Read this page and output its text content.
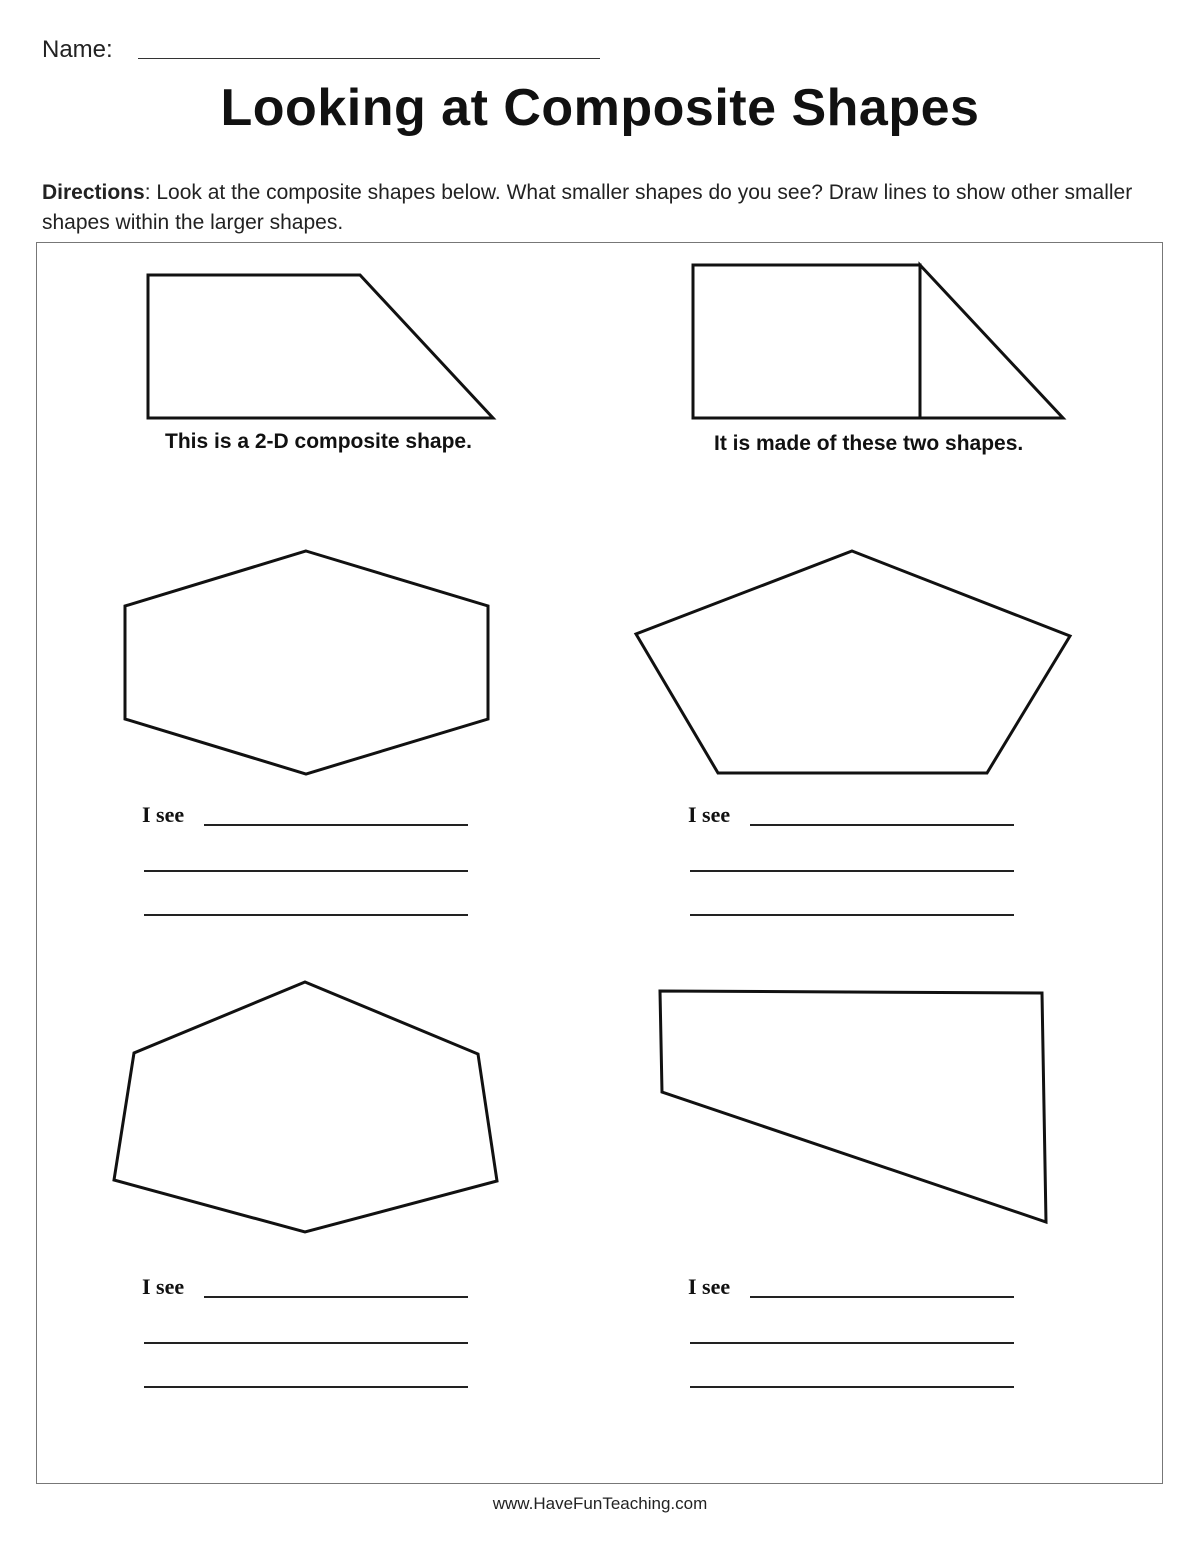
Name:
Looking at Composite Shapes
Directions: Look at the composite shapes below. What smaller shapes do you see? Draw lines to show other smaller shapes within the larger shapes.
This is a 2-D composite shape.	It is made of these two shapes.
I see	I see
I see	I see
www.HaveFunTeaching.com
